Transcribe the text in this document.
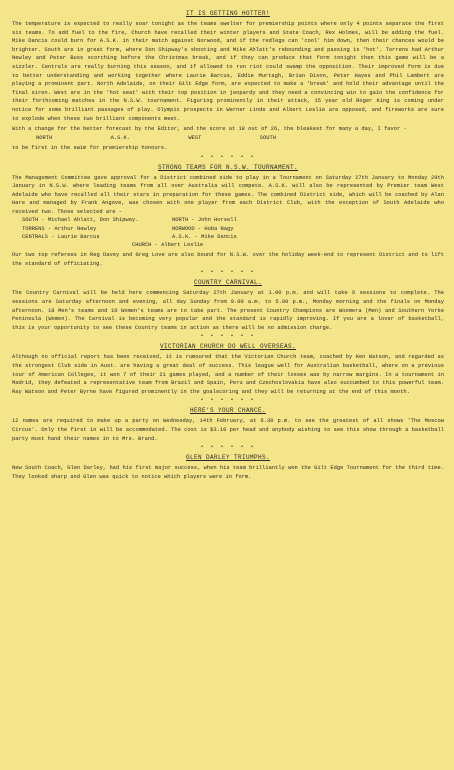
IT IS GETTING HOTTER!

The temperature is expected to really soar tonight as the teams swelter for premiership points where only 4 points separate the first six teams. To add fuel to the fire, Church have recalled their winter players and State Coach, Rex Holmes, will be adding the fuel. Mike Dancis could burn for A.S.K. in their match against Norwood, and if the redlegs can 'cool' him down, then their chances would be brighter. South are in great form, where Don Shipway's shooting and Mike Ahlatt's rebounding and passing is 'hot'. Torrens had Arthur Newley and Peter Buss scorching before the Christmas break, and if they can produce that form tonight then this game will be a sizzler. Centrals are really burning this season, and if allowed to run riot could swamp the opposition. Their improved form is due to better understanding and working together where Laurie Barcus, Eddie Murtagh, Brian Dixon, Peter Hayes and Phil Lambert are playing a prominent part. North Adelaide, on their Gilt Edge form, are expected to make a 'break' and hold their advantage until the final siren. West are in the 'hot seat' with their top position in jeopardy and they need a convincing win to gain the confidence for their forthcoming matches in the N.S.W. tournament. Figuring prominently in their attack, 15 year old Roger King is coming under notice for some brilliant passages of play. Olympic prospects in Werner Linde and Albert Leslie are opposed, and fireworks are sure to explode when these two brilliant components meet.

With a change for the better forecast by the Editor, and the score at 18 out of 26, the bleakest for many a day, I favor -

NORTH	A.S.K.	WEST	SOUTH

to be first in the swim for premiership honours.

• • • • • •
STRONG TEAMS FOR N.S.W. TOURNAMENT.

The Management Committee gave approval for a District combined side to play in a Tournament on Saturday 27th January to Monday 29th January in N.S.W. where leading teams from all over Australia will compete. A.S.K. will also be represented by Premier team West Adelaide who have recalled all their stars in preparation for these games. The combined District side, which will be coached by Alan Hare and managed by Frank Angove, was chosen with one player from each District Club, with the exception of South Adelaide who received two. Those selected are -

SOUTH - Michael Ahlatt, Don Shipway.	NORTH - John Horsell
TORRENS - Arthur Newley	NORWOOD - Huba Nagy
CENTRALS - Laurie Barcus	A.S.K. - Mike Dancis
CHURCH - Albert Leslie

Our two top referees in Reg Davey and Greg Love are also bound for N.S.W. over the holiday week-end to represent District and to lift the standard of officiating.

• • • • • •
COUNTRY CARNIVAL.

The Country Carnival will be held here commencing Saturday 27th January at 1.00 p.m. and will take 6 sessions to complete. The sessions are Saturday afternoon and evening, all day Sunday from 9.00 a.m. to 5.00 p.m., Monday morning and the finals on Monday afternoon. 18 Men's teams and 10 Women's teams are to take part. The present Country Champions are Woomera (Men) and Southern Yorke Peninsula (Women). The Carnival is becoming very popular and the standard is rapidly improving. If you are a lover of basketball, this is your opportunity to see these Country teams in action as there will be no admission charge.

• • • • • •
VICTORIAN CHURCH DO WELL OVERSEAS.

Although no official report has been received, it is rumoured that the Victorian Church team, coached by Ken Watson, and regarded as the strongest Club side in Aust. are having a great deal of success. This league well for Australian basketball, where on a previous tour of American Colleges, it won 7 of their 21 games played, and a number of their losses was by narrow margins. In a tournament in Madrid, they defeated a representative team from Brazil and Spain, Peru and Czechoslovakia have also succumbed to this powerful team. Ray Watson and Peter Byrne have figured prominently in the goalscoring and they will be returning at the end of this month.

• • • • • •
HERE'S YOUR CHANCE.

12 names are required to make up a party on Wednesday, 14th February, at 6.30 p.m. to see the greatest of all shows 'The Moscow Circus'. Only the first in will be accommodated. The cost is $3.10 per head and anybody wishing to see this show through a basketball party must hand their names in to Mrs. Brand.

• • • • • •
GLEN DARLEY TRIUMPHS.

New South Coach, Glen Darley, had his first major success, when his team brilliantly won the Gilt Edge Tournament for the third time. They looked sharp and Glen was quick to notice which players were in form.
